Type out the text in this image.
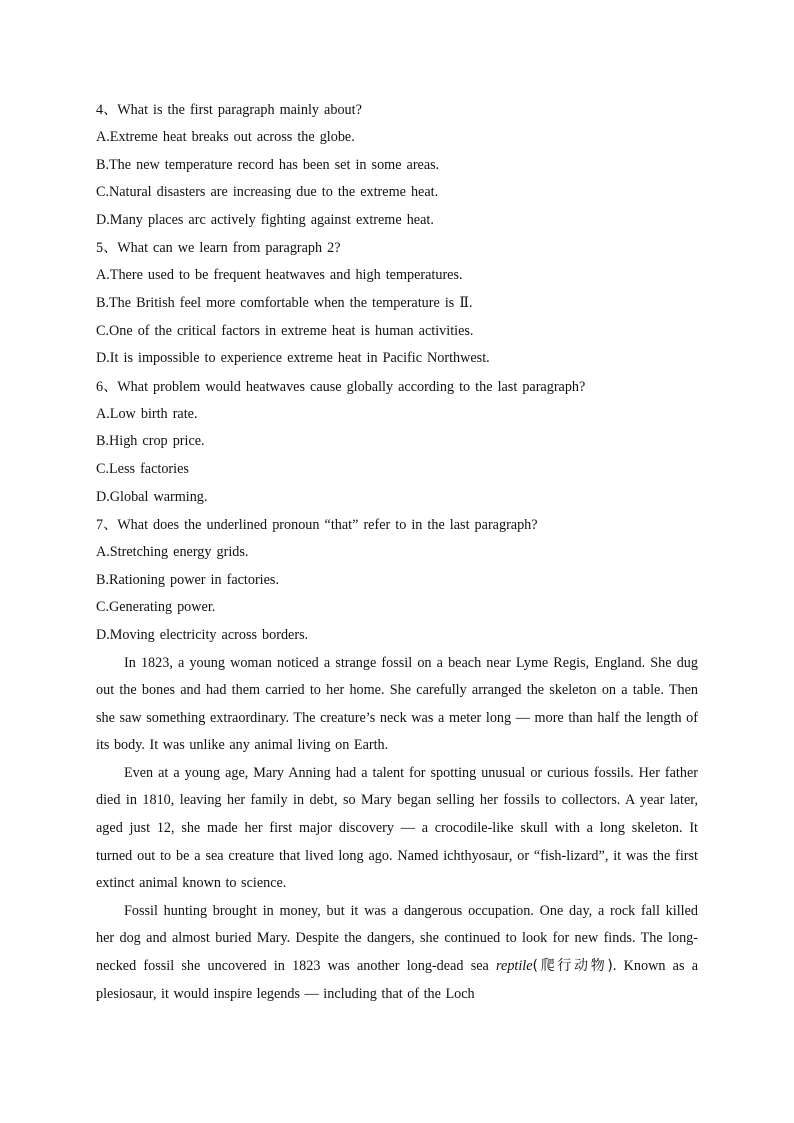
4、What is the first paragraph mainly about?
A.Extreme heat breaks out across the globe.
B.The new temperature record has been set in some areas.
C.Natural disasters are increasing due to the extreme heat.
D.Many places arc actively fighting against extreme heat.
5、What can we learn from paragraph 2?
A.There used to be frequent heatwaves and high temperatures.
B.The British feel more comfortable when the temperature is Ⅱ.
C.One of the critical factors in extreme heat is human activities.
D.It is impossible to experience extreme heat in Pacific Northwest.
6、What problem would heatwaves cause globally according to the last paragraph?
A.Low birth rate.
B.High crop price.
C.Less factories
D.Global warming.
7、What does the underlined pronoun “that” refer to in the last paragraph?
A.Stretching energy grids.
B.Rationing power in factories.
C.Generating power.
D.Moving electricity across borders.

In 1823, a young woman noticed a strange fossil on a beach near Lyme Regis, England. She dug out the bones and had them carried to her home. She carefully arranged the skeleton on a table. Then she saw something extraordinary. The creature’s neck was a meter long — more than half the length of its body. It was unlike any animal living on Earth.

Even at a young age, Mary Anning had a talent for spotting unusual or curious fossils. Her father died in 1810, leaving her family in debt, so Mary began selling her fossils to collectors. A year later, aged just 12, she made her first major discovery — a crocodile-like skull with a long skeleton. It turned out to be a sea creature that lived long ago. Named ichthyosaur, or “fish-lizard”, it was the first extinct animal known to science.

Fossil hunting brought in money, but it was a dangerous occupation. One day, a rock fall killed her dog and almost buried Mary. Despite the dangers, she continued to look for new finds. The long-necked fossil she uncovered in 1823 was another long-dead sea reptile(爬行动物). Known as a plesiosaur, it would inspire legends — including that of the Loch
